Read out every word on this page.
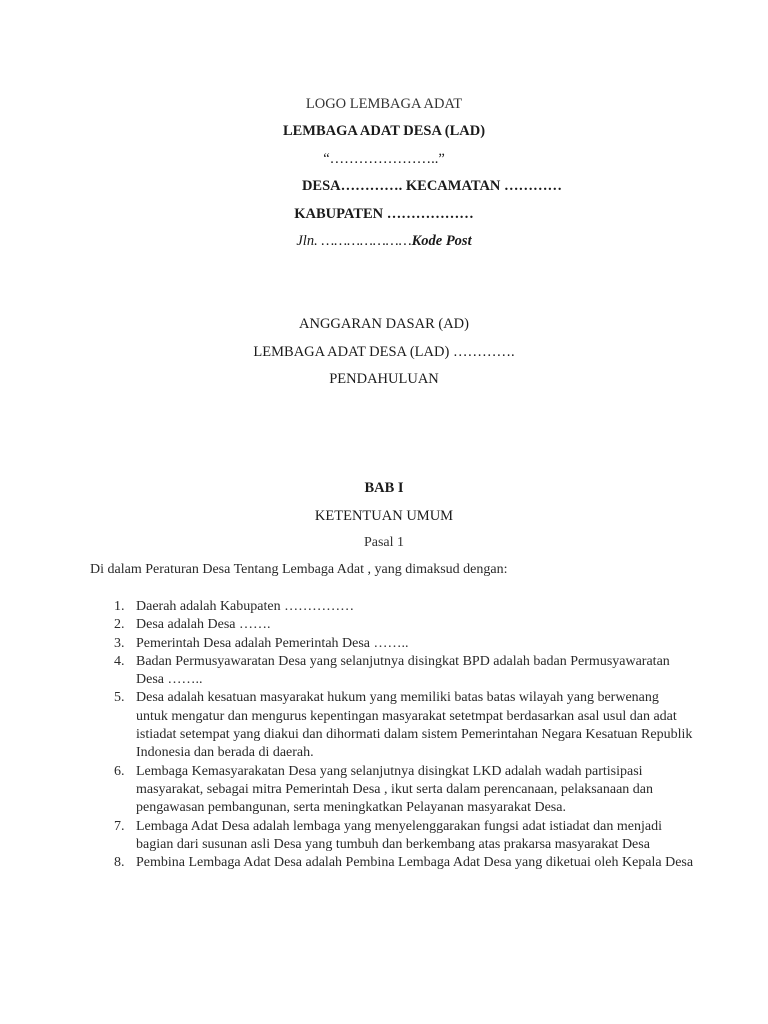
LOGO LEMBAGA ADAT
LEMBAGA ADAT DESA (LAD)
“…………………..”
DESA…………. KECAMATAN …………
KABUPATEN ………………
Jln. …………………Kode Post
ANGGARAN DASAR (AD)
LEMBAGA ADAT DESA (LAD) ………….
PENDAHULUAN
BAB I
KETENTUAN UMUM
Pasal 1
Di dalam Peraturan Desa Tentang Lembaga Adat , yang dimaksud dengan:
1. Daerah adalah Kabupaten ……………
2. Desa adalah Desa …….
3. Pemerintah Desa adalah Pemerintah Desa ……..
4. Badan Permusyawaratan Desa yang selanjutnya disingkat BPD adalah badan Permusyawaratan Desa ……..
5. Desa adalah kesatuan masyarakat hukum yang memiliki batas batas wilayah yang berwenang untuk mengatur dan mengurus kepentingan masyarakat setetmpat berdasarkan asal usul dan adat istiadat setempat yang diakui dan dihormati dalam sistem Pemerintahan Negara Kesatuan Republik Indonesia dan berada di daerah.
6. Lembaga Kemasyarakatan Desa yang selanjutnya disingkat LKD adalah wadah partisipasi masyarakat, sebagai mitra Pemerintah Desa , ikut serta dalam perencanaan, pelaksanaan dan pengawasan pembangunan, serta meningkatkan Pelayanan masyarakat Desa.
7. Lembaga Adat Desa adalah lembaga yang menyelenggarakan fungsi adat istiadat dan menjadi bagian dari susunan asli Desa yang tumbuh dan berkembang atas prakarsa masyarakat Desa
8. Pembina Lembaga Adat Desa adalah Pembina Lembaga Adat Desa yang diketuai oleh Kepala Desa
